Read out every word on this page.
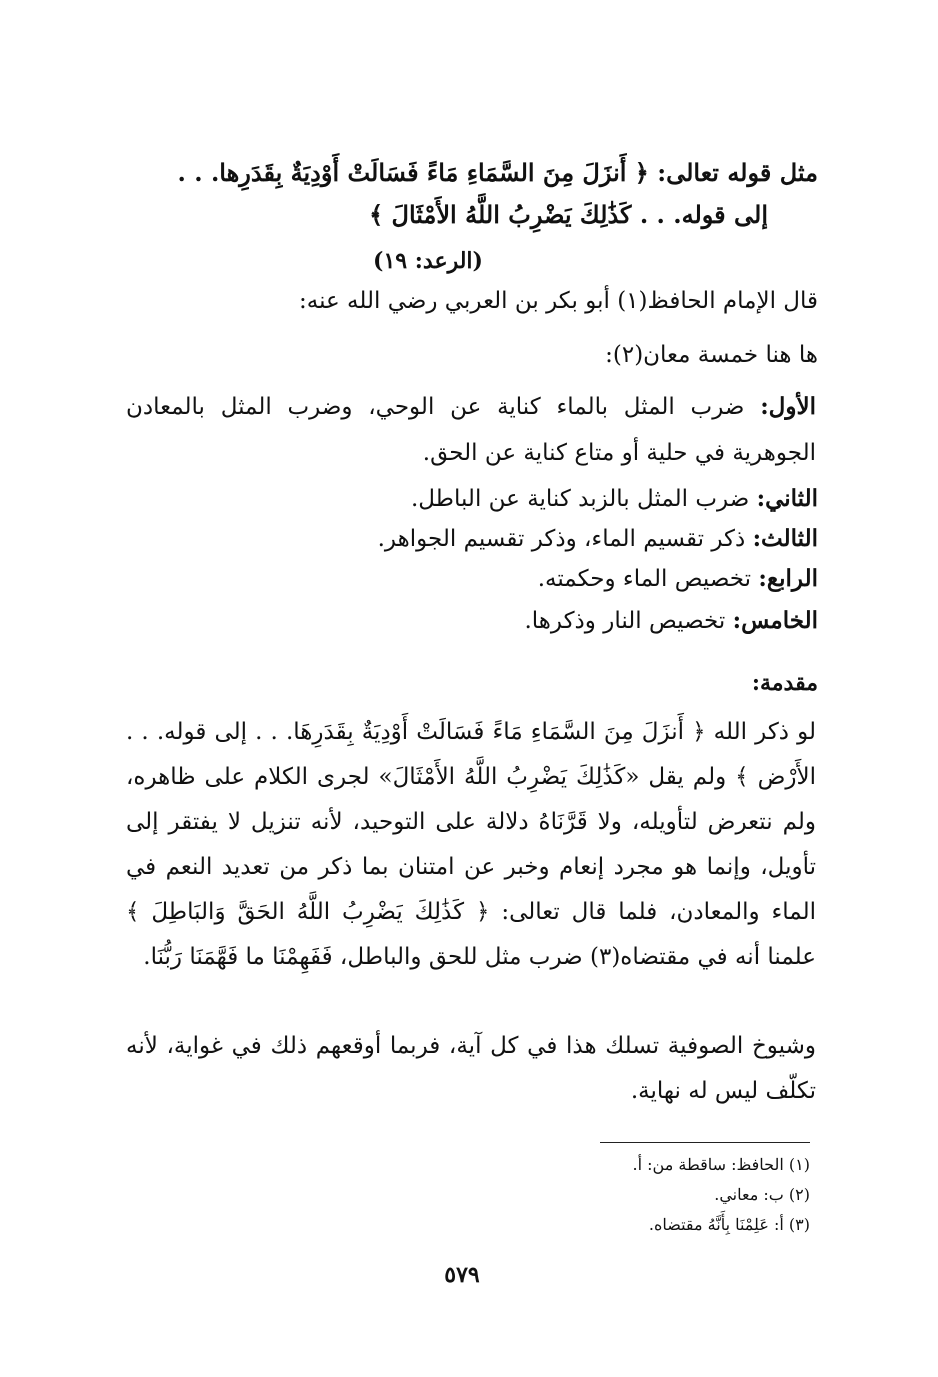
مثل قوله تعالى: ﴿ أَنزَلَ مِنَ السَّمَاءِ مَاءً فَسَالَتْ أَوْدِيَةٌ بِقَدَرِها. . .
إلى قوله. . . كَذَٰلِكَ يَضْرِبُ اللَّهُ الأَمْثَالَ ﴾
(الرعد: ١٩)
قال الإمام الحافظ(١) أبو بكر بن العربي رضي الله عنه:
ها هنا خمسة معان(٢):
الأول: ضرب المثل بالماء كناية عن الوحي، وضرب المثل بالمعادن الجوهرية في حلية أو متاع كناية عن الحق.
الثاني: ضرب المثل بالزبد كناية عن الباطل.
الثالث: ذكر تقسيم الماء، وذكر تقسيم الجواهر.
الرابع: تخصيص الماء وحكمته.
الخامس: تخصيص النار وذكرها.
مقدمة:
لو ذكر الله ﴿ أَنزَلَ مِنَ السَّمَاءِ مَاءً فَسَالَتْ أَوْدِيَةٌ بِقَدَرِهَا. . . إلى قوله. . . الأَرْض ﴾ ولم يقل «كَذَٰلِكَ يَضْرِبُ اللَّهُ الأَمْثَالَ» لجرى الكلام على ظاهره، ولم نتعرض لتأويله، ولا قَرَّنَاهُ دلالة على التوحيد، لأنه تنزيل لا يفتقر إلى تأويل، وإنما هو مجرد إنعام وخبر عن امتنان بما ذكر من تعديد النعم في الماء والمعادن، فلما قال تعالى: ﴿ كَذَٰلِكَ يَضْرِبُ اللَّهُ الحَقَّ وَالبَاطِلَ ﴾ علمنا أنه في مقتضاه(٣) ضرب مثل للحق والباطل، فَفَهِمْنَا ما فَهَّمَنَا رَبُّنَا.
وشيوخ الصوفية تسلك هذا في كل آية، فربما أوقعهم ذلك في غواية، لأنه تكلّف ليس له نهاية.
(١) الحافظ: ساقطة من: أ.
(٢) ب: معاني.
(٣) أ: عَلِمْنَا بِأَنَّهُ مقتضاه.
٥٧٩
